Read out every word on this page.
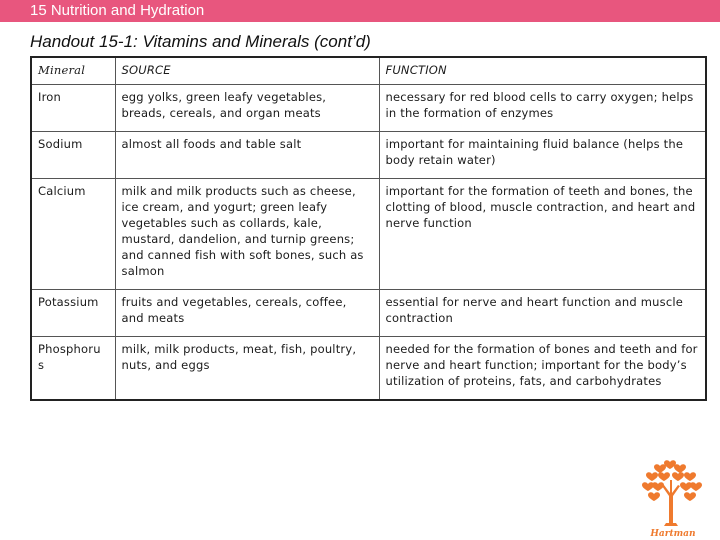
15 Nutrition and Hydration
Handout 15-1: Vitamins and Minerals (cont’d)
Mineral	SOURCE	FUNCTION
Iron	egg yolks, green leafy vegetables, breads, cereals, and organ meats	necessary for red blood cells to carry oxygen; helps in the formation of enzymes
Sodium	almost all foods and table salt	important for maintaining fluid balance (helps the body retain water)
Calcium	milk and milk products such as cheese, ice cream, and yogurt; green leafy vegetables such as collards, kale, mustard, dandelion, and turnip greens; and canned fish with soft bones, such as salmon	important for the formation of teeth and bones, the clotting of blood, muscle contraction, and heart and nerve function
Potassium	fruits and vegetables, cereals, coffee, and meats	essential for nerve and heart function and muscle contraction
Phosphoru s	milk, milk products, meat, fish, poultry, nuts, and eggs	needed for the formation of bones and teeth and for nerve and heart function; important for the body’s utilization of proteins, fats, and carbohydrates
Hartman
